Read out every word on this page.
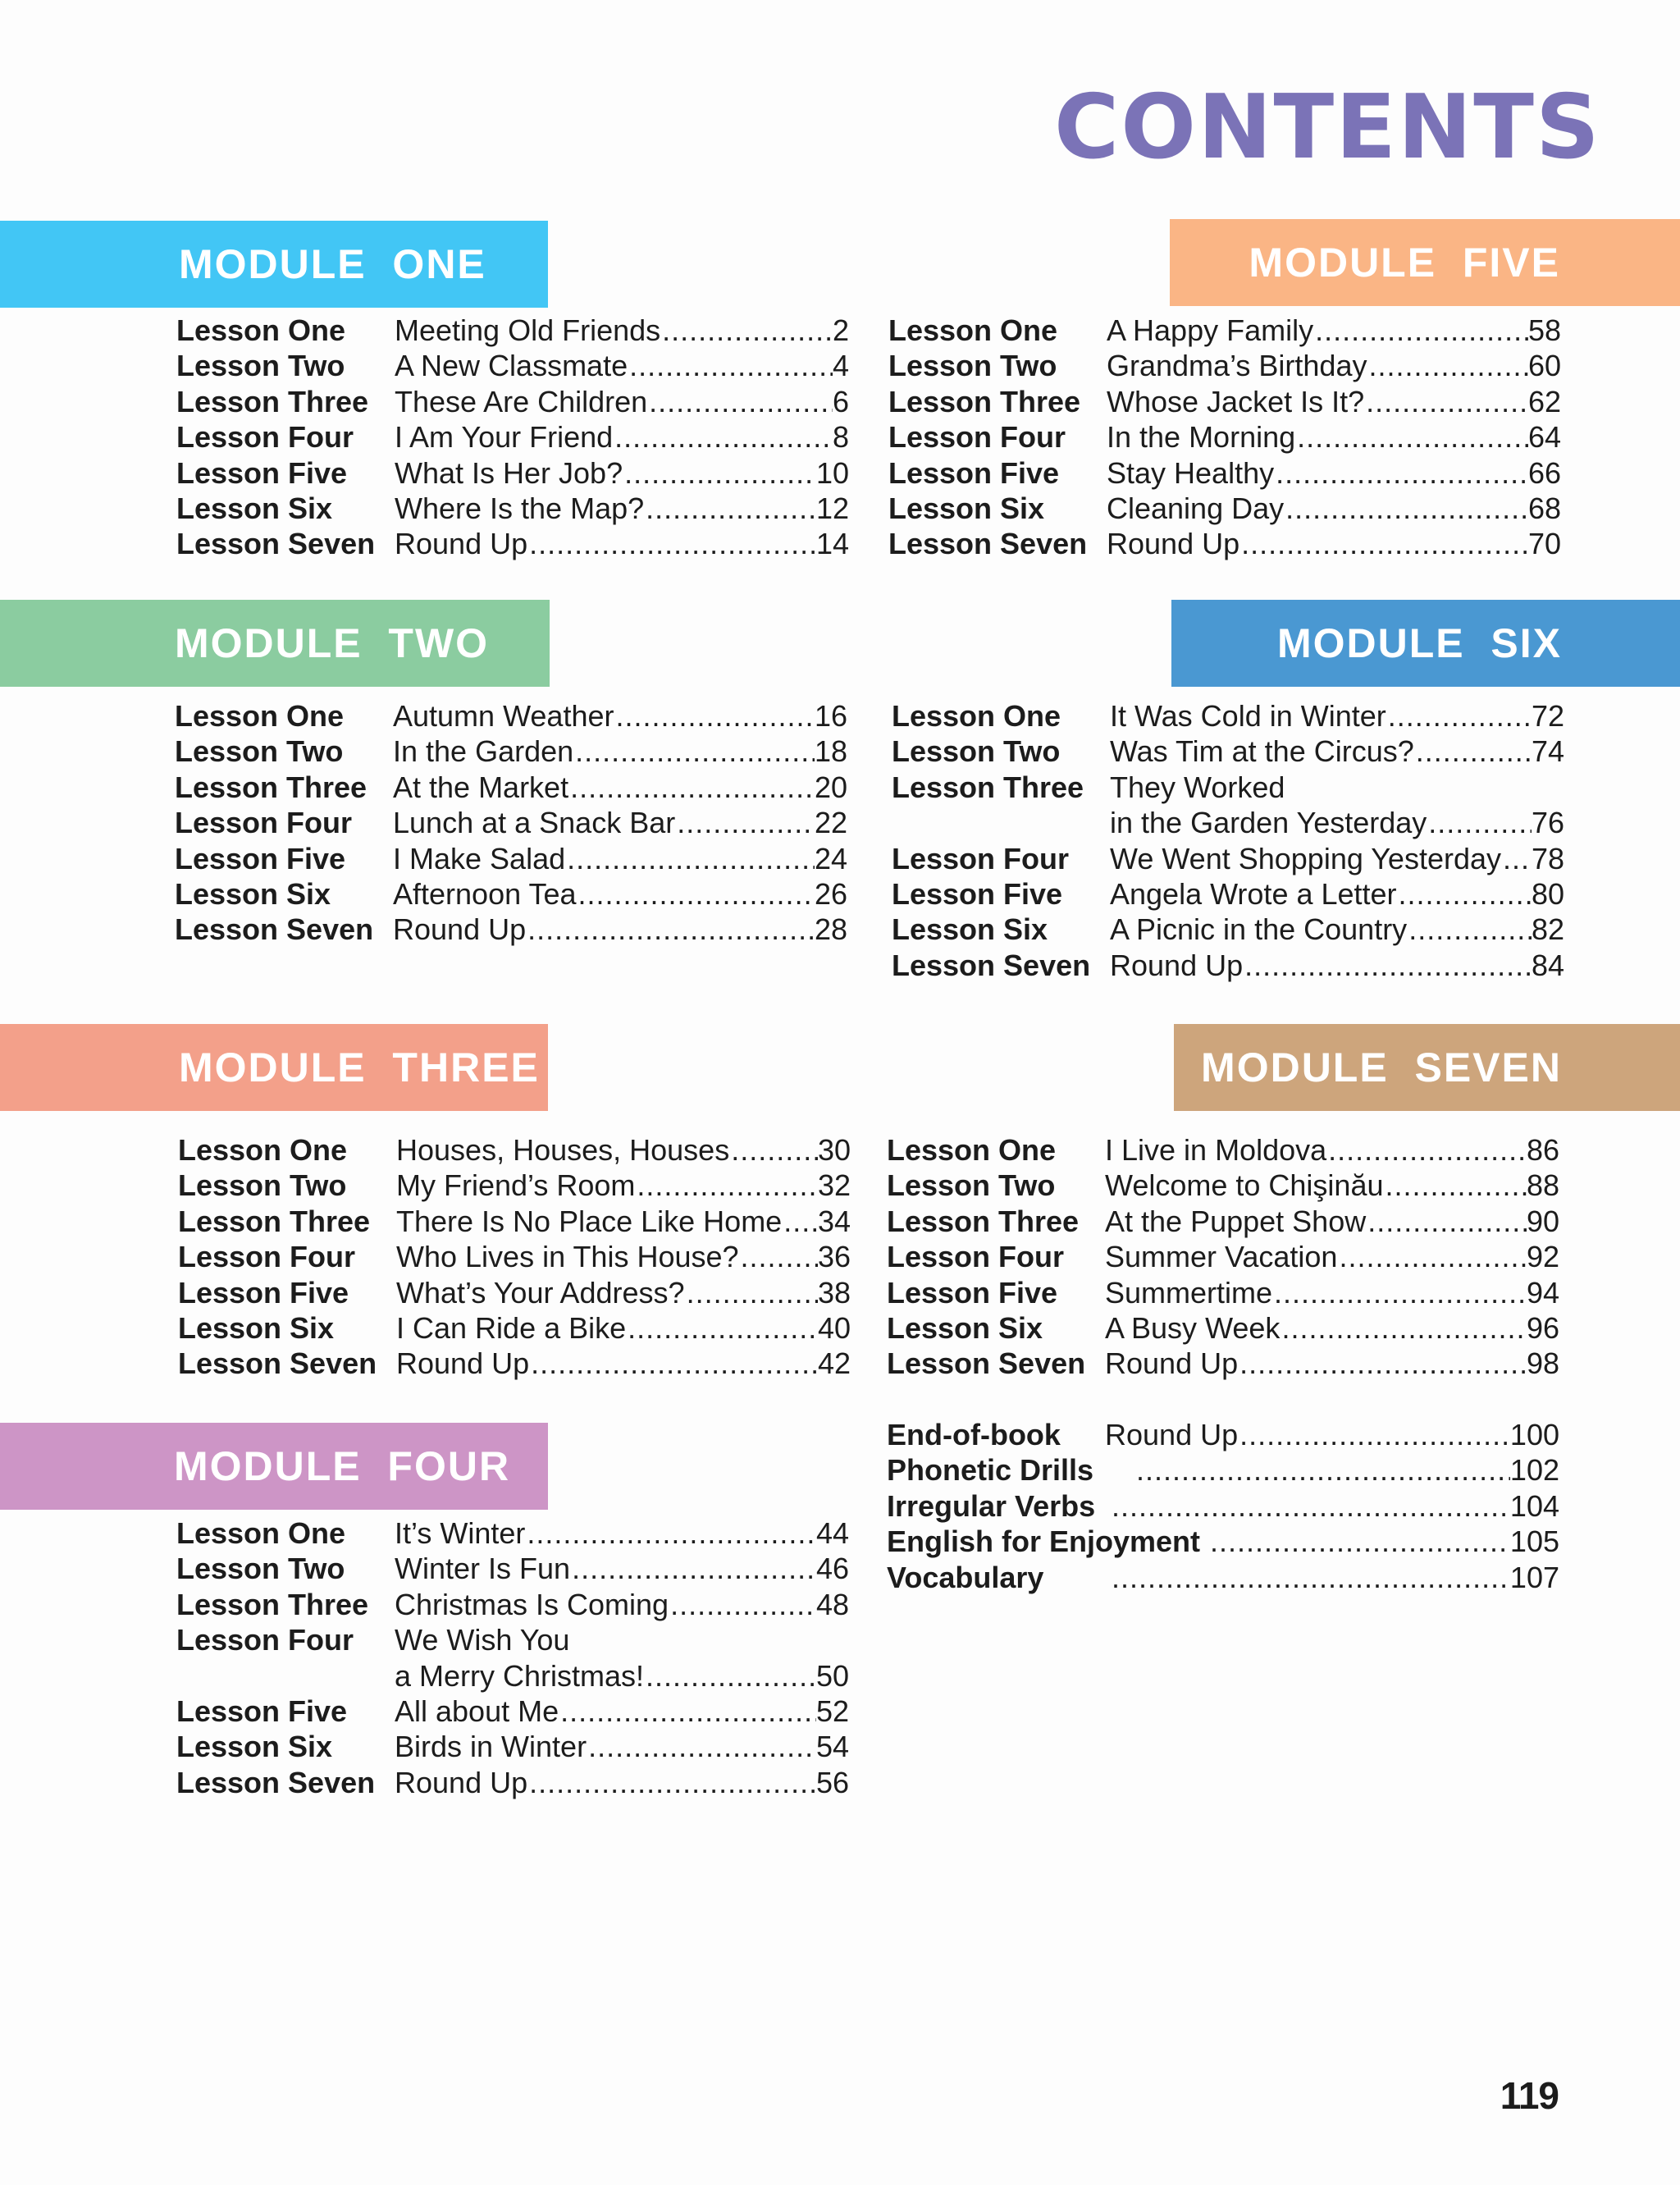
CONTENTS
MODULE  ONE
Lesson One Meeting Old Friends .....	2
Lesson Two A New Classmate .....	4
Lesson Three These Are Children .....	6
Lesson Four I Am Your Friend .....	8
Lesson Five What Is Her Job? .....	10
Lesson Six Where Is the Map? .....	12
Lesson Seven Round Up .....	14
MODULE  TWO
Lesson One Autumn Weather .....	16
Lesson Two In the Garden .....	18
Lesson Three At the Market .....	20
Lesson Four Lunch at a Snack Bar .....	22
Lesson Five I Make Salad .....	24
Lesson Six Afternoon Tea .....	26
Lesson Seven Round Up .....	28
MODULE  THREE
Lesson One Houses, Houses, Houses .....	30
Lesson Two My Friend’s Room .....	32
Lesson Three There Is No Place Like Home ..... 34
Lesson Four Who Lives in This House? .....	36
Lesson Five What’s Your Address? .....	38
Lesson Six I Can Ride a Bike .....	40
Lesson Seven Round Up .....	42
MODULE  FOUR
Lesson One It’s Winter .....	44
Lesson Two Winter Is Fun .....	46
Lesson Three Christmas Is Coming .....	48
Lesson Four We Wish You
a Merry Christmas! .....	50
Lesson Five All about Me .....	52
Lesson Six Birds in Winter .....	54
Lesson Seven Round Up .....	56
MODULE  FIVE
Lesson One A Happy Family .....	58
Lesson Two Grandma’s Birthday .....	60
Lesson Three Whose Jacket Is It? .....	62
Lesson Four In the Morning .....	64
Lesson Five Stay Healthy .....	66
Lesson Six Cleaning Day .....	68
Lesson Seven Round Up .....	70
MODULE  SIX
Lesson One It Was Cold in Winter .....	72
Lesson Two Was Tim at the Circus? .....	74
Lesson Three They Worked
in the Garden Yesterday .....	76
Lesson Four We Went Shopping Yesterday ..... 78
Lesson Five Angela Wrote a Letter .....	80
Lesson Six A Picnic in the Country .....	82
Lesson Seven Round Up .....	84
MODULE  SEVEN
Lesson One I Live in Moldova .....	86
Lesson Two Welcome to Chişinău .....	88
Lesson Three At the Puppet Show .....	90
Lesson Four Summer Vacation .....	92
Lesson Five Summertime .....	94
Lesson Six A Busy Week .....	96
Lesson Seven Round Up .....	98
End-of-book Round Up .....	100
Phonetic Drills .....	102
Irregular Verbs .....	104
English for Enjoyment .....	105
Vocabulary .....	107
119
